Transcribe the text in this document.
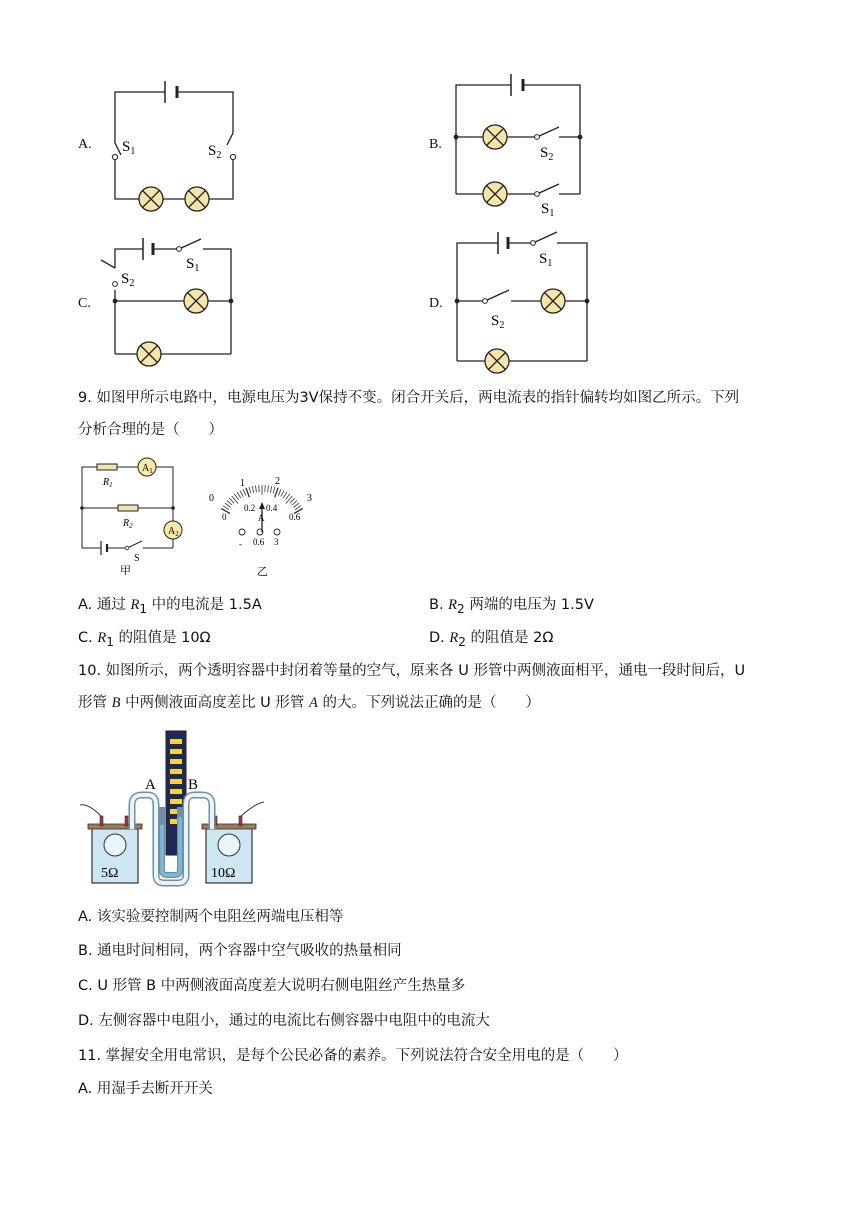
A.	B.
C.	D.
$S_1$	$S_2$	$S_2$
$S_1$
$S_2$
$S_1$
$S_1$
$S_2$
9. 如图甲所示电路中，电源电压为3V保持不变。闭合开关后，两电流表的指针偏转均如图乙所示。下列
分析合理的是（　　）
$A_1$
$A_2$
$R_1$
$R_2$
S
甲
0
1	2
3
0
0.2 0.4
0.6
A
- 0.6 3
乙
A. 通过 $R_1$ 中的电流是 1.5A	B. $R_2$ 两端的电压为 1.5V
C. $R_1$ 的阻值是 10Ω	D. $R_2$ 的阻值是 2Ω
10. 如图所示，两个透明容器中封闭着等量的空气，原来各 U 形管中两侧液面相平，通电一段时间后，U
形管 B 中两侧液面高度差比 U 形管 A 的大。下列说法正确的是（　　）
A B
5Ω	10Ω
A. 该实验要控制两个电阻丝两端电压相等
B. 通电时间相同，两个容器中空气吸收的热量相同
C. U 形管 B 中两侧液面高度差大说明右侧电阻丝产生热量多
D. 左侧容器中电阻小，通过的电流比右侧容器中电阻中的电流大
11. 掌握安全用电常识，是每个公民必备的素养。下列说法符合安全用电的是（　　）
A. 用湿手去断开开关
